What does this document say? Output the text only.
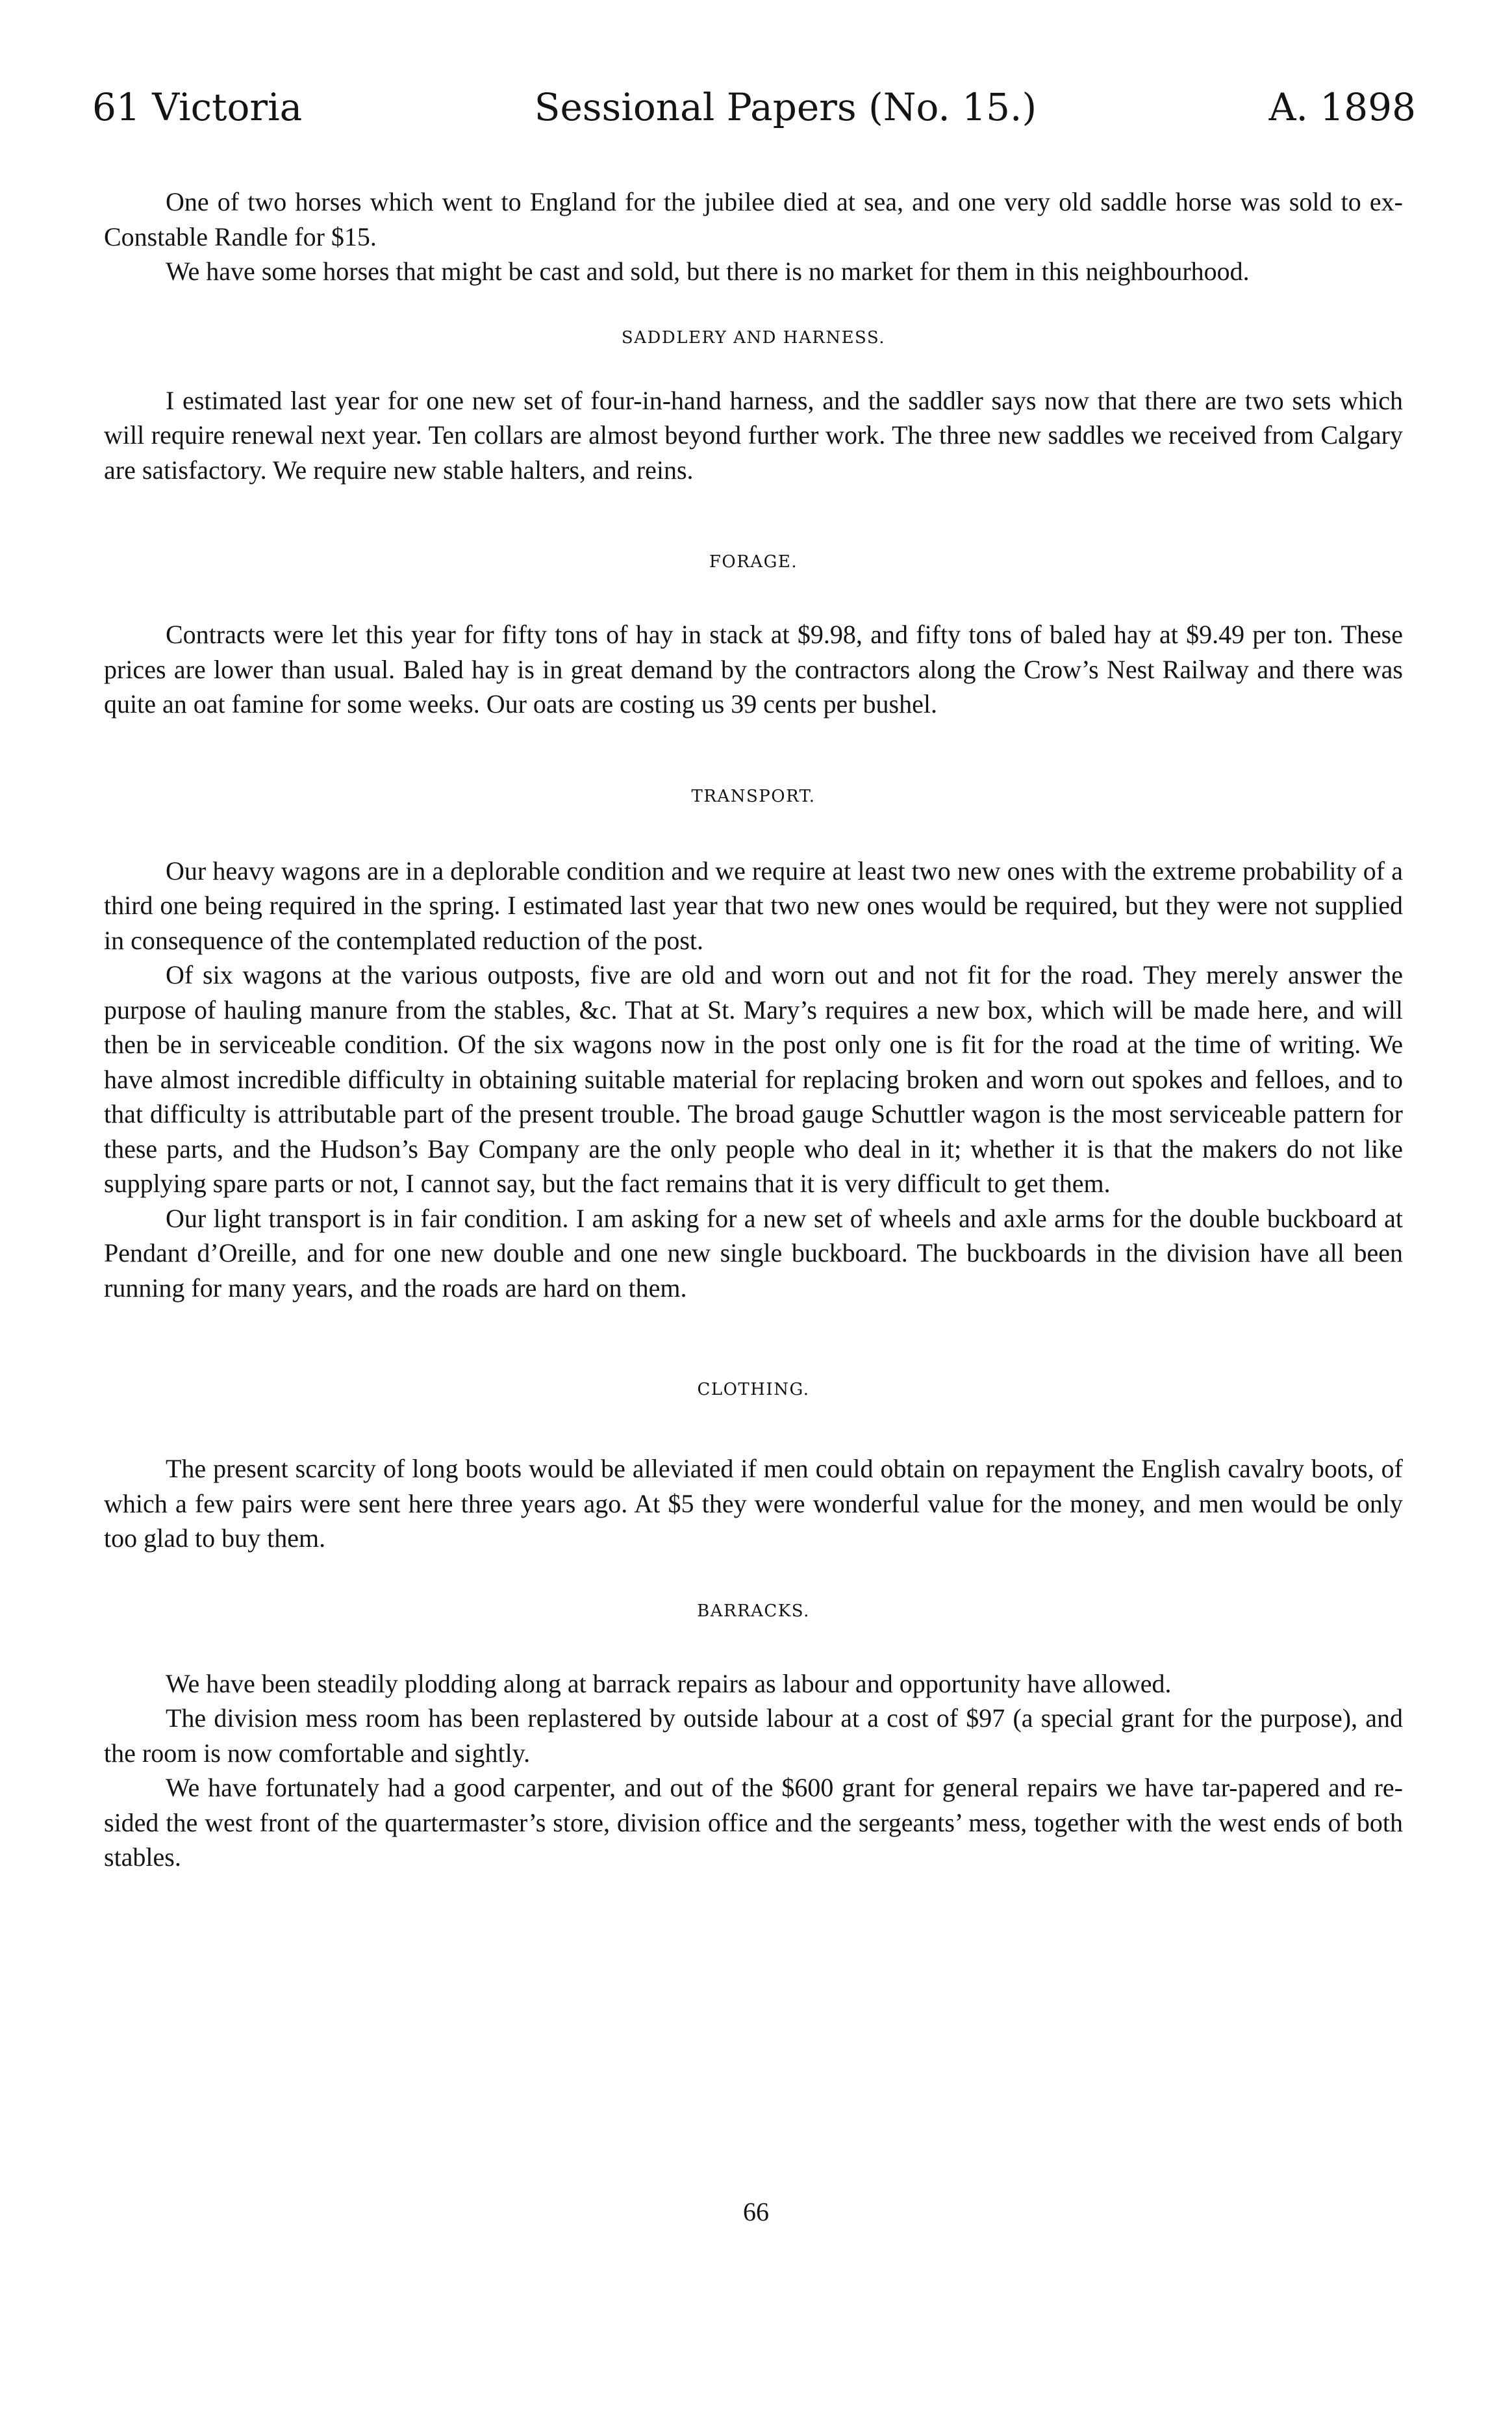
61 Victoria	Sessional Papers (No. 15.)	A. 1898

One of two horses which went to England for the jubilee died at sea, and one very old saddle horse was sold to ex-Constable Randle for $15.

We have some horses that might be cast and sold, but there is no market for them in this neighbourhood.

SADDLERY AND HARNESS.

I estimated last year for one new set of four-in-hand harness, and the saddler says now that there are two sets which will require renewal next year. Ten collars are almost beyond further work. The three new saddles we received from Calgary are satisfactory. We require new stable halters, and reins.

FORAGE.

Contracts were let this year for fifty tons of hay in stack at $9.98, and fifty tons of baled hay at $9.49 per ton. These prices are lower than usual. Baled hay is in great demand by the contractors along the Crow’s Nest Railway and there was quite an oat famine for some weeks. Our oats are costing us 39 cents per bushel.

TRANSPORT.

Our heavy wagons are in a deplorable condition and we require at least two new ones with the extreme probability of a third one being required in the spring. I estimated last year that two new ones would be required, but they were not supplied in consequence of the contemplated reduction of the post.

Of six wagons at the various outposts, five are old and worn out and not fit for the road. They merely answer the purpose of hauling manure from the stables, &c. That at St. Mary’s requires a new box, which will be made here, and will then be in serviceable condition. Of the six wagons now in the post only one is fit for the road at the time of writing. We have almost incredible difficulty in obtaining suitable material for replacing broken and worn out spokes and felloes, and to that difficulty is attributable part of the present trouble. The broad gauge Schuttler wagon is the most serviceable pattern for these parts, and the Hudson’s Bay Company are the only people who deal in it; whether it is that the makers do not like supplying spare parts or not, I cannot say, but the fact remains that it is very difficult to get them.

Our light transport is in fair condition. I am asking for a new set of wheels and axle arms for the double buckboard at Pendant d’Oreille, and for one new double and one new single buckboard. The buckboards in the division have all been running for many years, and the roads are hard on them.

CLOTHING.

The present scarcity of long boots would be alleviated if men could obtain on repayment the English cavalry boots, of which a few pairs were sent here three years ago. At $5 they were wonderful value for the money, and men would be only too glad to buy them.

BARRACKS.

We have been steadily plodding along at barrack repairs as labour and opportunity have allowed.

The division mess room has been replastered by outside labour at a cost of $97 (a special grant for the purpose), and the room is now comfortable and sightly.

We have fortunately had a good carpenter, and out of the $600 grant for general repairs we have tar-papered and re-sided the west front of the quartermaster’s store, division office and the sergeants’ mess, together with the west ends of both stables.

66
